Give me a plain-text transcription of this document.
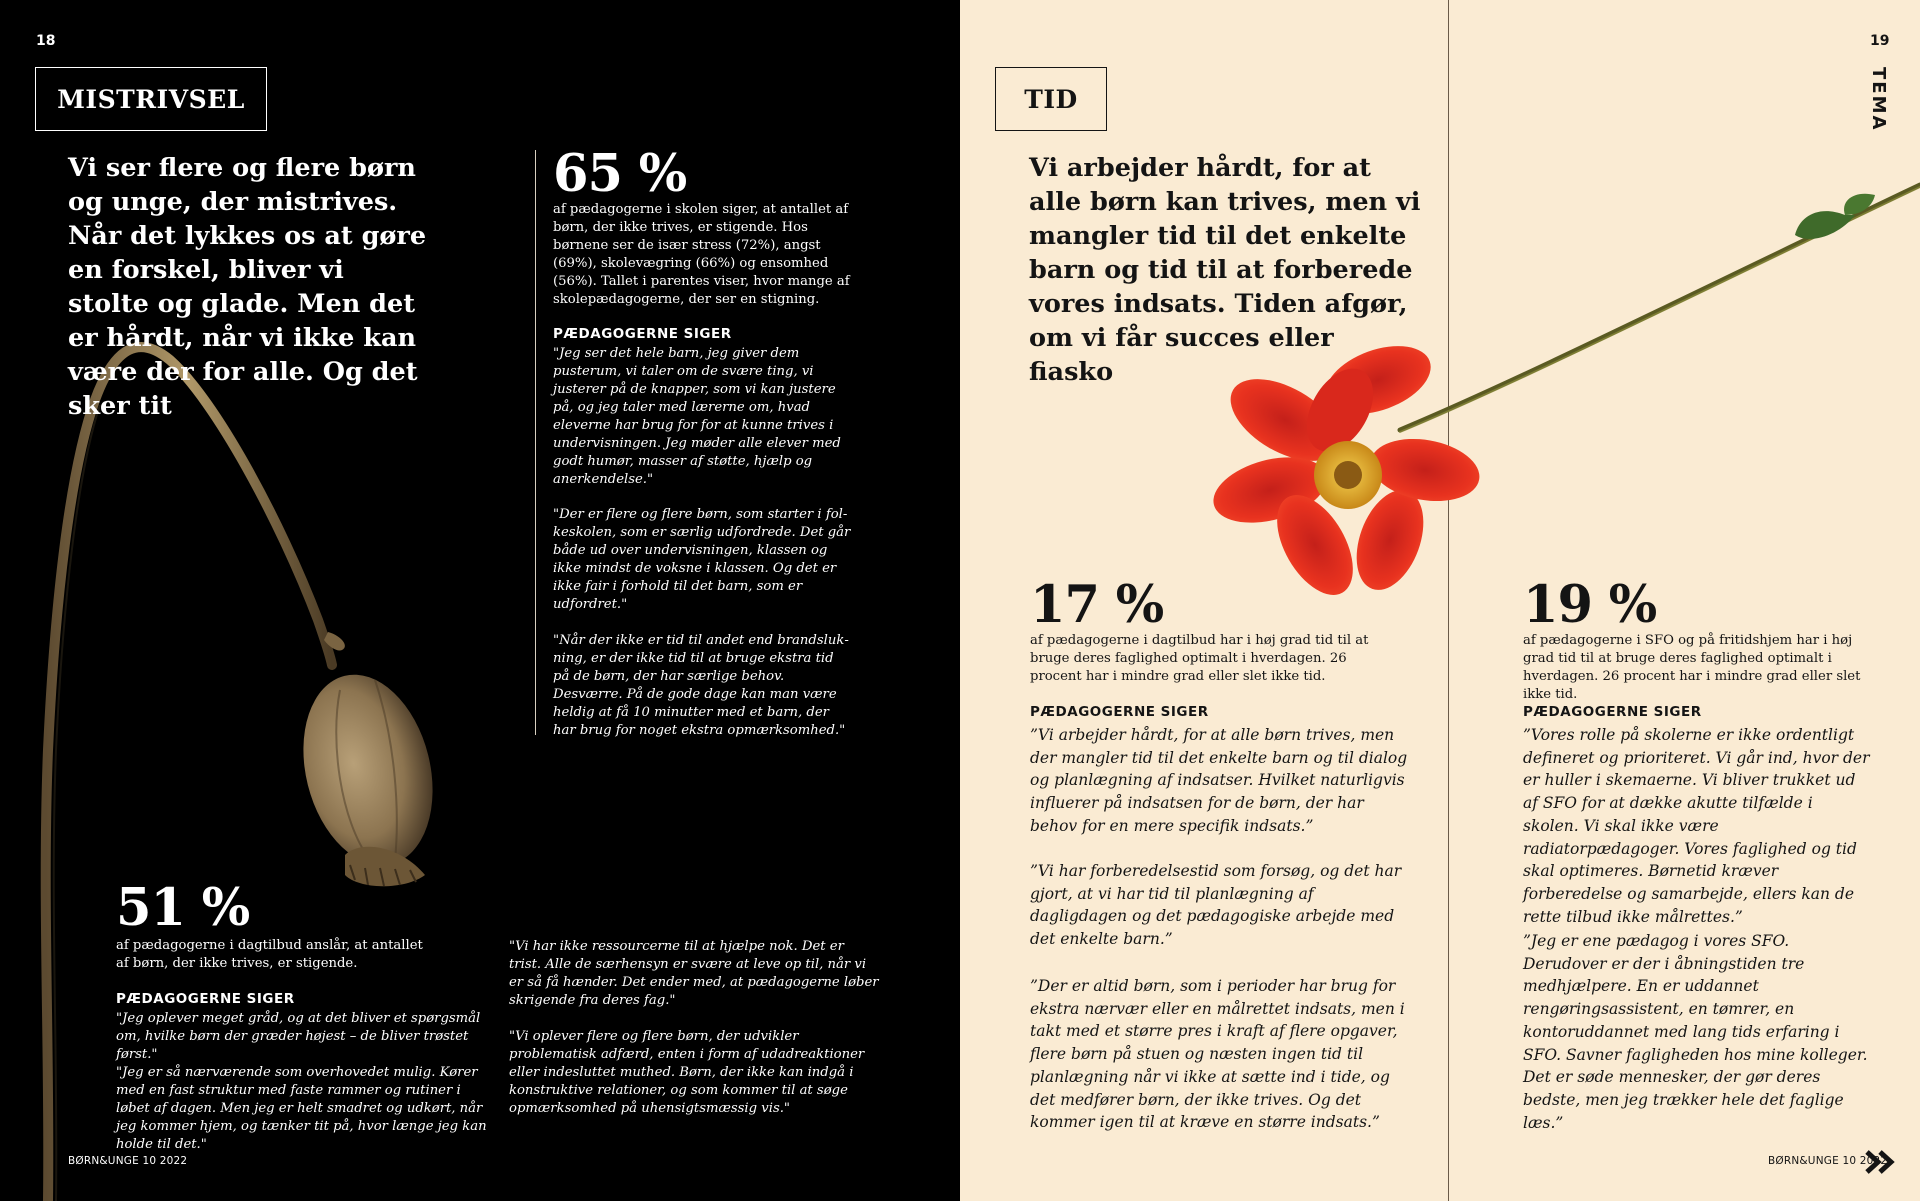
18
MISTRIVSEL

Vi ser flere og flere børn og unge, der mistrives. Når det lykkes os at gøre en forskel, bliver vi stolte og glade. Men det er hårdt, når vi ikke kan være der for alle. Og det sker tit

65 %

af pædagogerne i skolen siger, at antallet af børn, der ikke trives, er stigende. Hos børnene ser de især stress (72%), angst (69%), skolevægring (66%) og ensomhed (56%). Tallet i parentes viser, hvor mange af skolepædagogerne, der ser en stigning.

PÆDAGOGERNE SIGER

"Jeg ser det hele barn, jeg giver dem pusterum, vi taler om de svære ting, vi justerer på de knapper, som vi kan justere på, og jeg taler med lærerne om, hvad eleverne har brug for for at kunne trives i undervisningen. Jeg møder alle elever med godt humør, masser af støtte, hjælp og anerkendelse."

"Der er flere og flere børn, som starter i folkeskolen, som er særlig udfordrede. Det går både ud over undervisningen, klassen og ikke mindst de voksne i klassen. Og det er ikke fair i forhold til det barn, som er udfordret."

"Når der ikke er tid til andet end brandslukning, er der ikke tid til at bruge ekstra tid på de børn, der har særlige behov. Desværre. På de gode dage kan man være heldig at få 10 minutter med et barn, der har brug for noget ekstra opmærksomhed."

51 %

af pædagogerne i dagtilbud anslår, at antallet af børn, der ikke trives, er stigende.

PÆDAGOGERNE SIGER

"Jeg oplever meget gråd, og at det bliver et spørgsmål om, hvilke børn der græder højest – de bliver trøstet først."

"Jeg er så nærværende som overhovedet mulig. Kører med en fast struktur med faste rammer og rutiner i løbet af dagen. Men jeg er helt smadret og udkørt, når jeg kommer hjem, og tænker tit på, hvor længe jeg kan holde til det."

"Vi har ikke ressourcerne til at hjælpe nok. Det er trist. Alle de særhensyn er svære at leve op til, når vi er så få hænder. Det ender med, at pædagogerne løber skrigende fra deres fag."

"Vi oplever flere og flere børn, der udvikler problematisk adfærd, enten i form af udadreaktioner eller indesluttet muthed. Børn, der ikke kan indgå i konstruktive relationer, og som kommer til at søge opmærksomhed på uhensigtsmæssig vis."

BØRN&UNGE 10 2022
19
TEMA
TID

Vi arbejder hårdt, for at alle børn kan trives, men vi mangler tid til det enkelte barn og tid til at forberede vores indsats. Tiden afgør, om vi får succes eller fiasko

17 %

af pædagogerne i dagtilbud har i høj grad tid til at bruge deres faglighed optimalt i hverdagen. 26 procent har i mindre grad eller slet ikke tid.

PÆDAGOGERNE SIGER

”Vi arbejder hårdt, for at alle børn trives, men der mangler tid til det enkelte barn og til dialog og planlægning af indsatser. Hvilket naturligvis influerer på indsatsen for de børn, der har behov for en mere specifik indsats.”

”Vi har forberedelsestid som forsøg, og det har gjort, at vi har tid til planlægning af dagligdagen og det pædagogiske arbejde med det enkelte barn.”

”Der er altid børn, som i perioder har brug for ekstra nærvær eller en målrettet indsats, men i takt med et større pres i kraft af flere opgaver, flere børn på stuen og næsten ingen tid til planlægning når vi ikke at sætte ind i tide, og det medfører børn, der ikke trives. Og det kommer igen til at kræve en større indsats.”

19 %

af pædagogerne i SFO og på fritidshjem har i høj grad tid til at bruge deres faglighed optimalt i hverdagen. 26 procent har i mindre grad eller slet ikke tid.

PÆDAGOGERNE SIGER

”Vores rolle på skolerne er ikke ordentligt defineret og prioriteret. Vi går ind, hvor der er huller i skemaerne. Vi bliver trukket ud af SFO for at dække akutte tilfælde i skolen. Vi skal ikke være radiatorpædagoger. Vores faglighed og tid skal optimeres. Børnetid kræver forberedelse og samarbejde, ellers kan de rette tilbud ikke målrettes.”

”Jeg er ene pædagog i vores SFO. Derudover er der i åbningstiden tre medhjælpere. En er uddannet rengøringsassistent, en tømrer, en kontoruddannet med lang tids erfaring i SFO. Savner fagligheden hos mine kolleger. Det er søde mennesker, der gør deres bedste, men jeg trækker hele det faglige læs.”

BØRN&UNGE 10 2022
